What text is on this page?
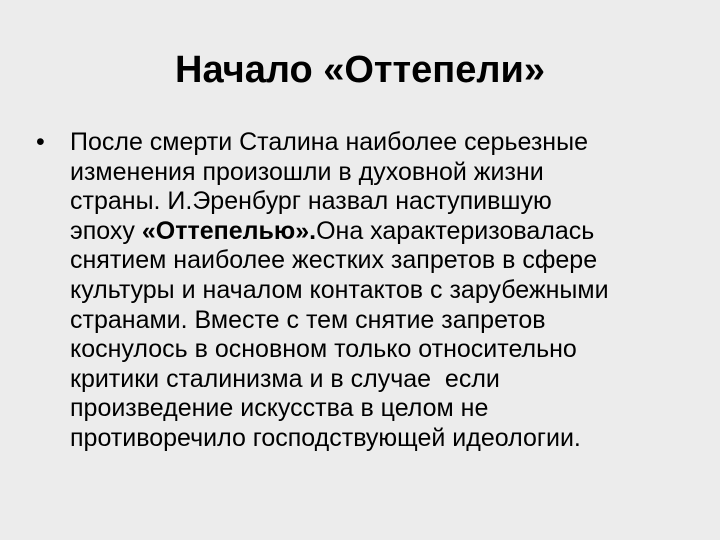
Начало «Оттепели»
•	После смерти Сталина наиболее серьезные
изменения произошли в духовной жизни
страны. И.Эренбург назвал наступившую
эпоху «Оттепелью».Она характеризовалась
снятием наиболее жестких запретов в сфере
культуры и началом контактов с зарубежными
странами. Вместе с тем снятие запретов
коснулось в основном только относительно
критики сталинизма и в случае  если
произведение искусства в целом не
противоречило господствующей идеологии.
